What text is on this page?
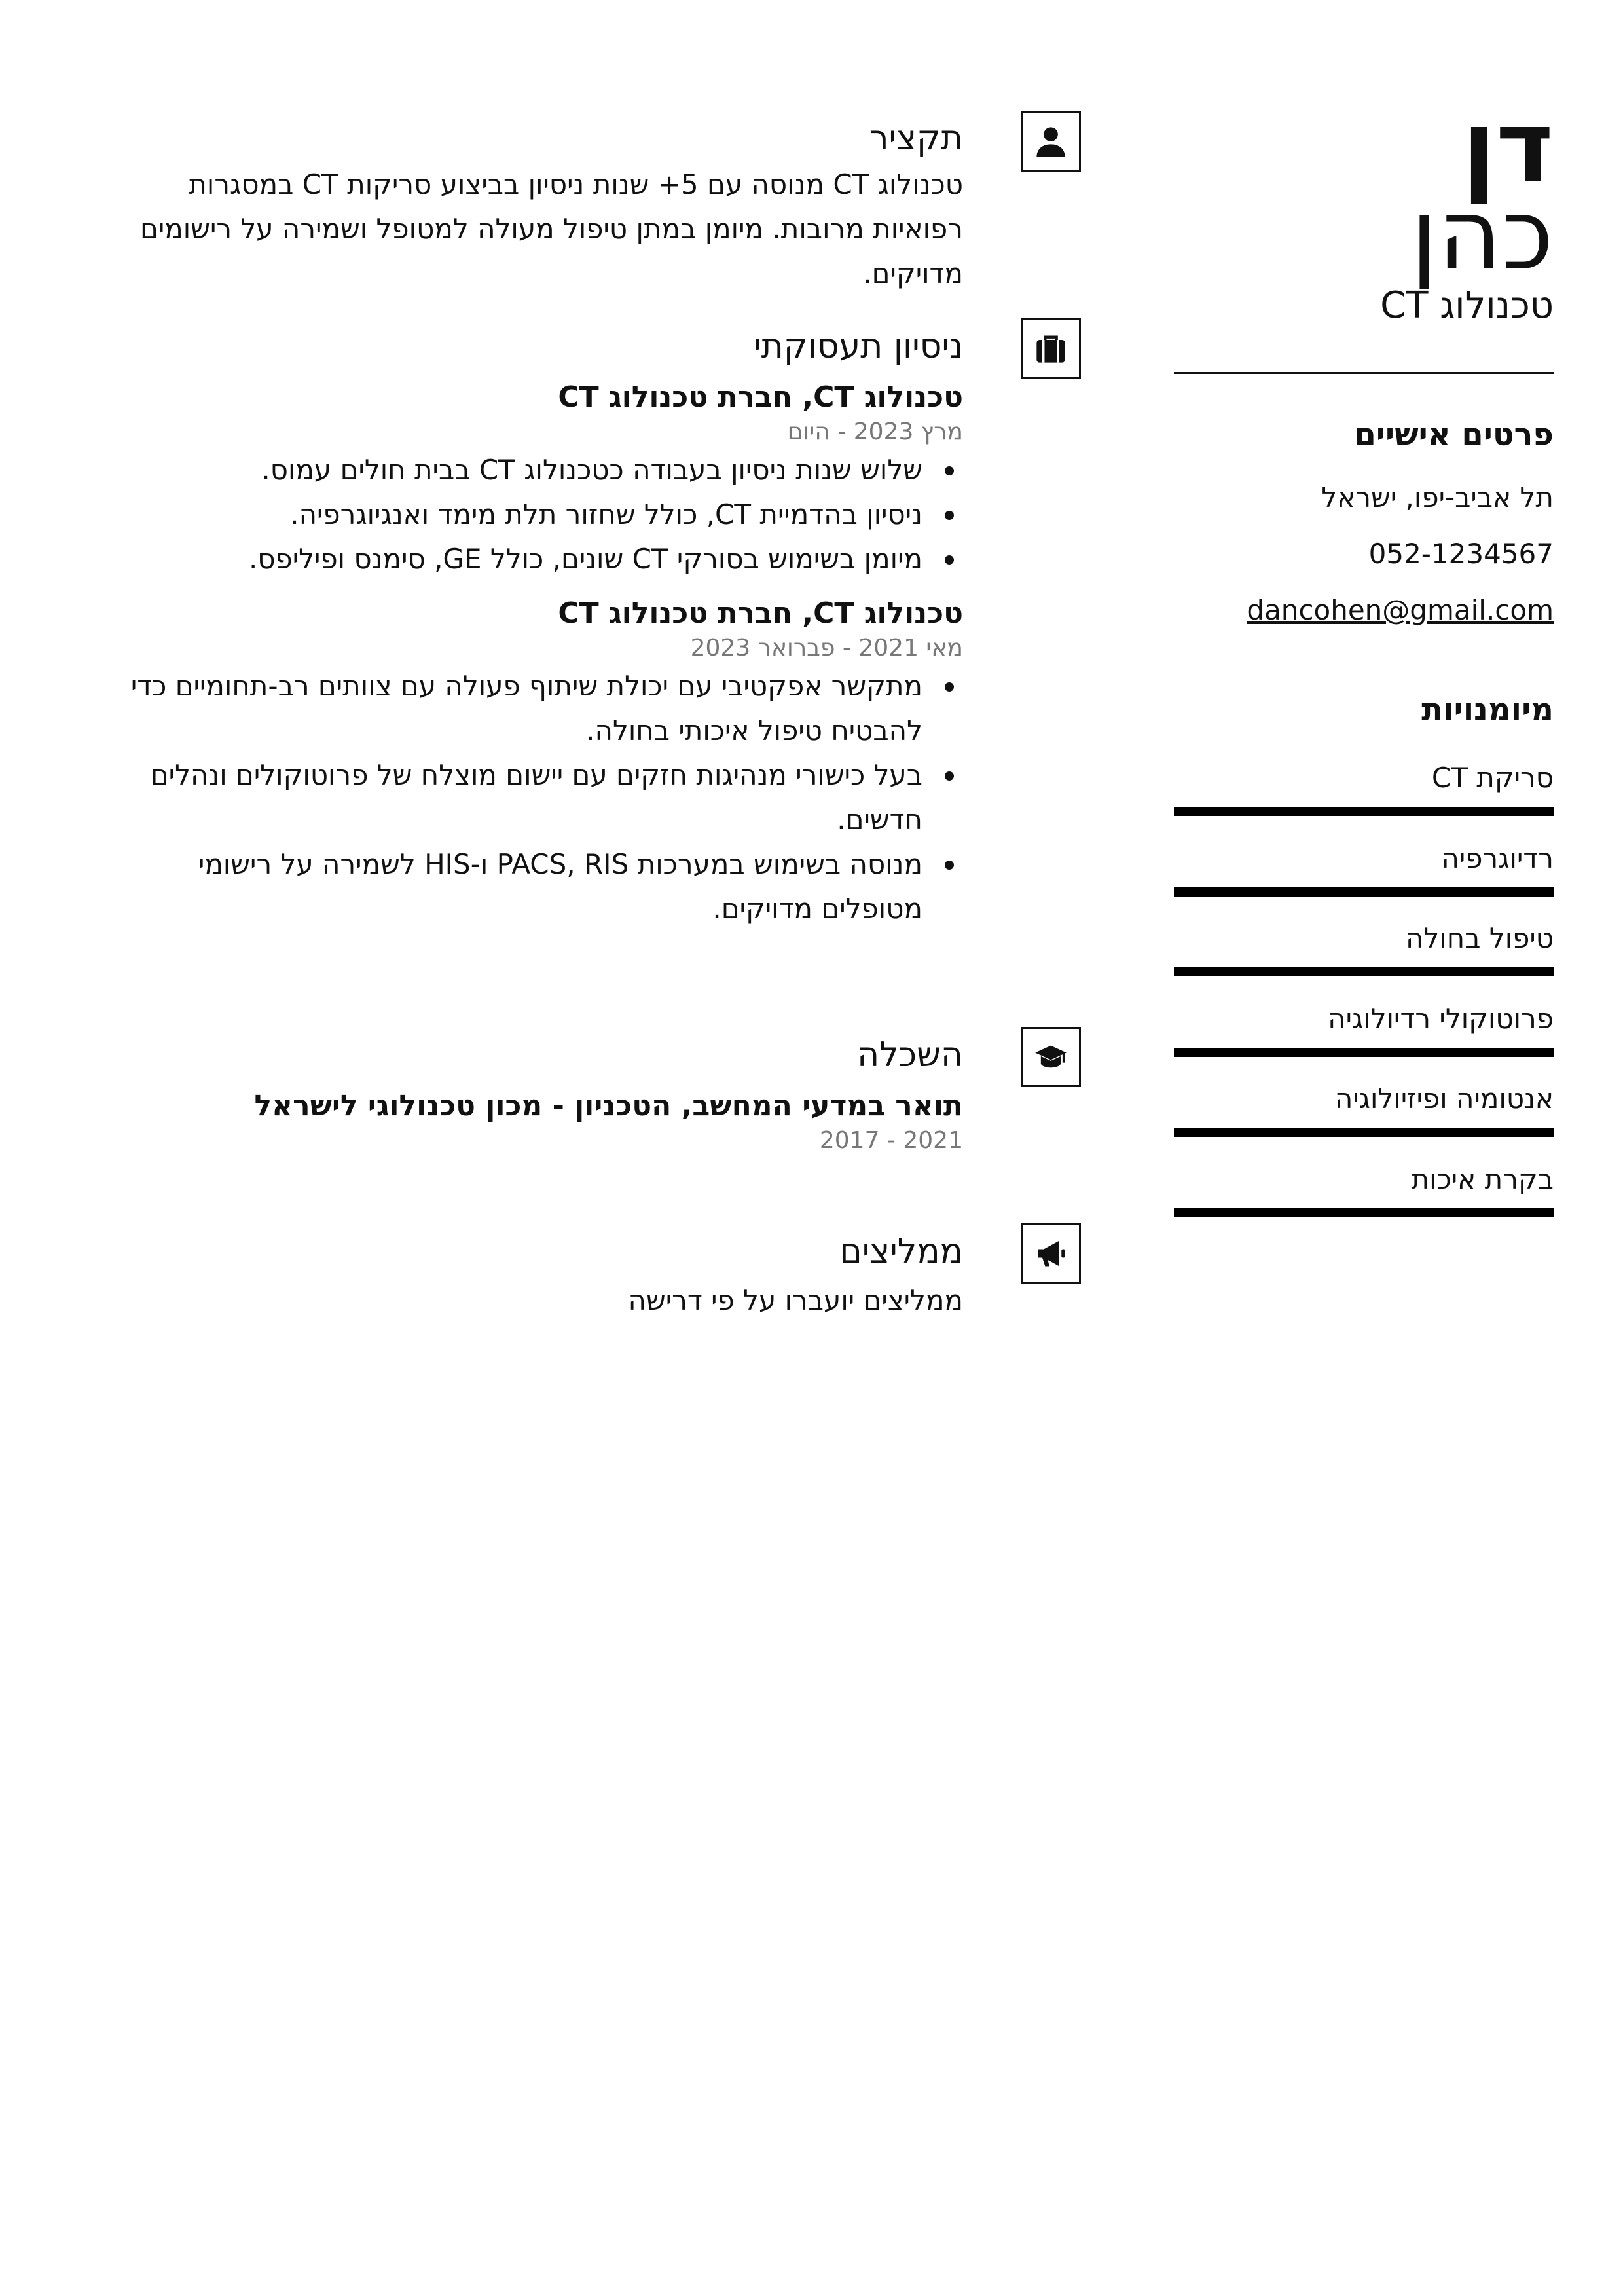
דן
כהן
טכנולוג CT
פרטים אישיים
תל אביב-יפו, ישראל
052-1234567
dancohen@gmail.com
מיומנויות
סריקת CT
רדיוגרפיה
טיפול בחולה
פרוטוקולי רדיולוגיה
אנטומיה ופיזיולוגיה
בקרת איכות
תקציר
טכנולוג CT מנוסה עם 5+ שנות ניסיון בביצוע סריקות CT במסגרות רפואיות מרובות. מיומן במתן טיפול מעולה למטופל ושמירה על רישומים מדויקים.
ניסיון תעסוקתי
טכנולוג CT, חברת טכנולוג CT
מרץ 2023 - היום
שלוש שנות ניסיון בעבודה כטכנולוג CT בבית חולים עמוס.
ניסיון בהדמיית CT, כולל שחזור תלת מימד ואנגיוגרפיה.
מיומן בשימוש בסורקי CT שונים, כולל GE, סימנס ופיליפס.
טכנולוג CT, חברת טכנולוג CT
מאי 2021 - פברואר 2023
מתקשר אפקטיבי עם יכולת שיתוף פעולה עם צוותים רב-תחומיים כדי להבטיח טיפול איכותי בחולה.
בעל כישורי מנהיגות חזקים עם יישום מוצלח של פרוטוקולים ונהלים חדשים.
מנוסה בשימוש במערכות PACS, RIS ו-HIS לשמירה על רישומי מטופלים מדויקים.
השכלה
תואר במדעי המחשב, הטכניון - מכון טכנולוגי לישראל
2021 - 2017
ממליצים
ממליצים יועברו על פי דרישה
